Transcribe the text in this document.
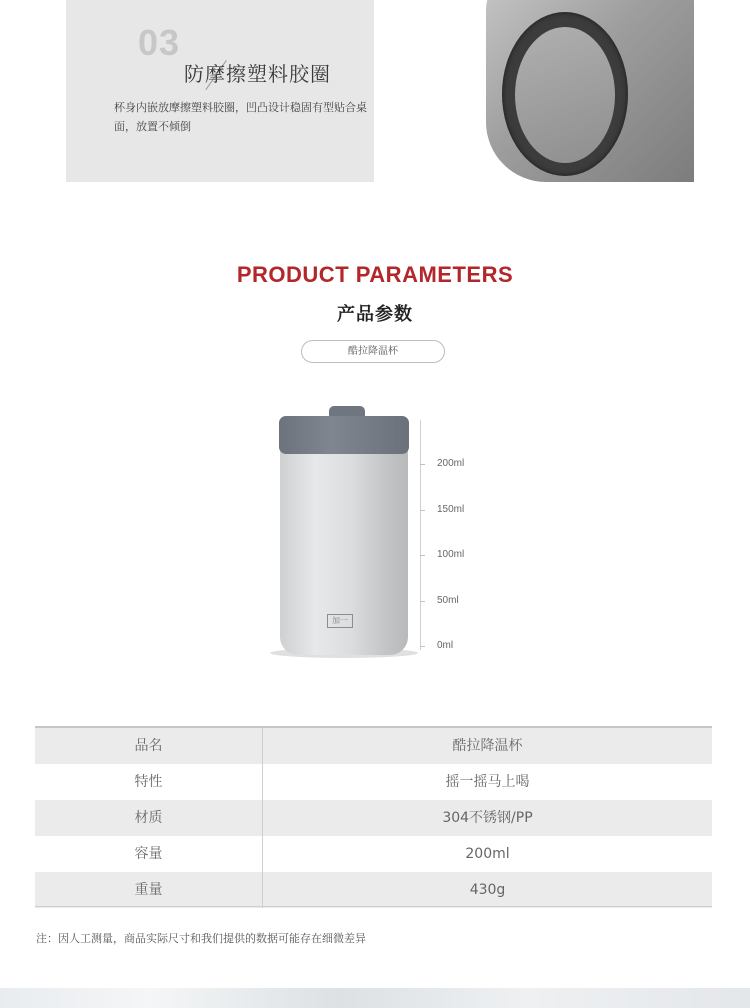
03
防摩擦塑料胶圈
杯身内嵌放摩擦塑料胶圈，凹凸设计稳固有型贴合桌面，放置不倾倒
PRODUCT PARAMETERS
产品参数
酷拉降温杯
加一
200ml
150ml
100ml
50ml
0ml
品名	酷拉降温杯
特性	摇一摇马上喝
材质	304不锈钢/PP
容量	200ml
重量	430g
注：因人工测量，商品实际尺寸和我们提供的数据可能存在细微差异
